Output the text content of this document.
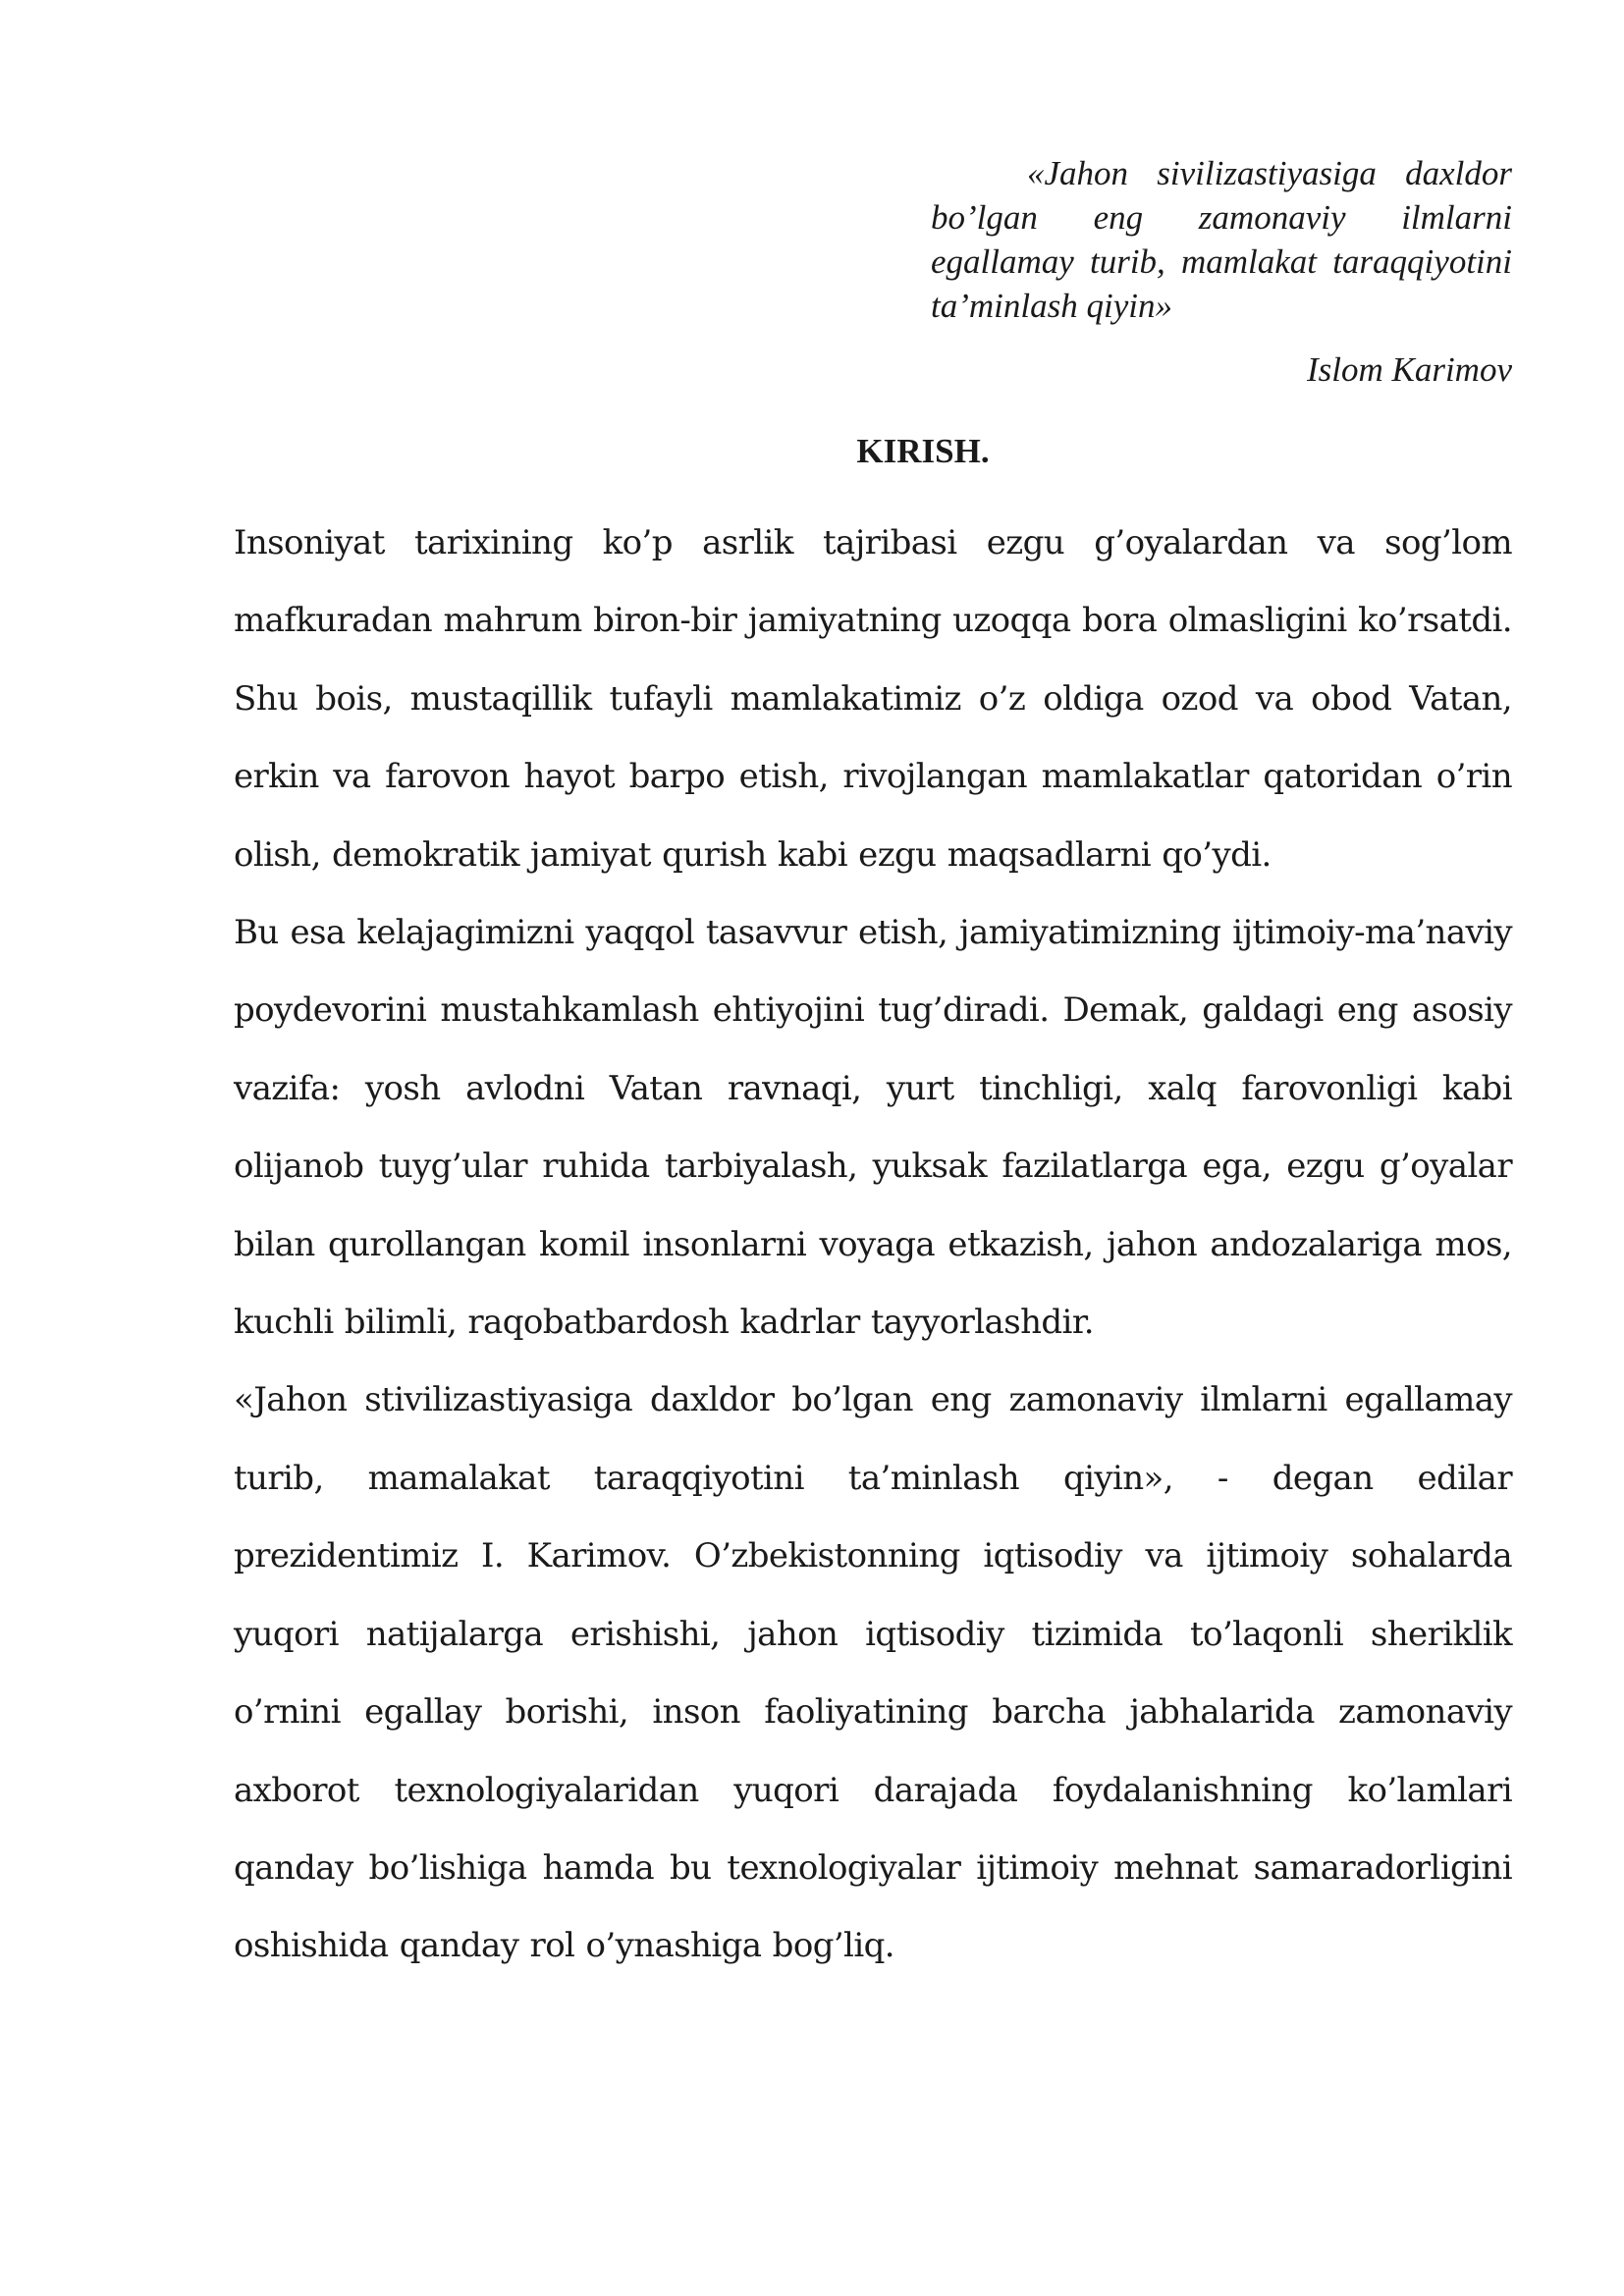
«Jahon sivilizastiyasiga daxldor bo’lgan eng zamonaviy ilmlarni egallamay turib, mamlakat taraqqiyotini ta’minlash qiyin»
Islom Karimov
KIRISH.

Insoniyat tarixining ko’p asrlik tajribasi ezgu g’oyalardan va sog’lom mafkuradan mahrum biron-bir jamiyatning uzoqqa bora olmasligini ko’rsatdi. Shu bois, mustaqillik tufayli mamlakatimiz o’z oldiga ozod va obod Vatan, erkin va farovon hayot barpo etish, rivojlangan mamlakatlar qatoridan o’rin olish, demokratik jamiyat qurish kabi ezgu maqsadlarni qo’ydi.

Bu esa kelajagimizni yaqqol tasavvur etish, jamiyatimizning ijtimoiy-ma’naviy poydevorini mustahkamlash ehtiyojini tug’diradi. Demak, galdagi eng asosiy vazifa: yosh avlodni Vatan ravnaqi, yurt tinchligi, xalq farovonligi kabi olijanob tuyg’ular ruhida tarbiyalash, yuksak fazilatlarga ega, ezgu g’oyalar bilan qurollangan komil insonlarni voyaga etkazish, jahon andozalariga mos, kuchli bilimli, raqobatbardosh kadrlar tayyorlashdir.

«Jahon stivilizastiyasiga daxldor bo’lgan eng zamonaviy ilmlarni egallamay turib, mamalakat taraqqiyotini ta’minlash qiyin», - degan edilar prezidentimiz I. Karimov. O’zbekistonning iqtisodiy va ijtimoiy sohalarda yuqori natijalarga erishishi, jahon iqtisodiy tizimida to’laqonli sheriklik o’rnini egallay borishi, inson faoliyatining barcha jabhalarida zamonaviy axborot texnologiyalaridan yuqori darajada foydalanishning ko’lamlari qanday bo’lishiga hamda bu texnologiyalar ijtimoiy mehnat samaradorligini oshishida qanday rol o’ynashiga bog’liq.
